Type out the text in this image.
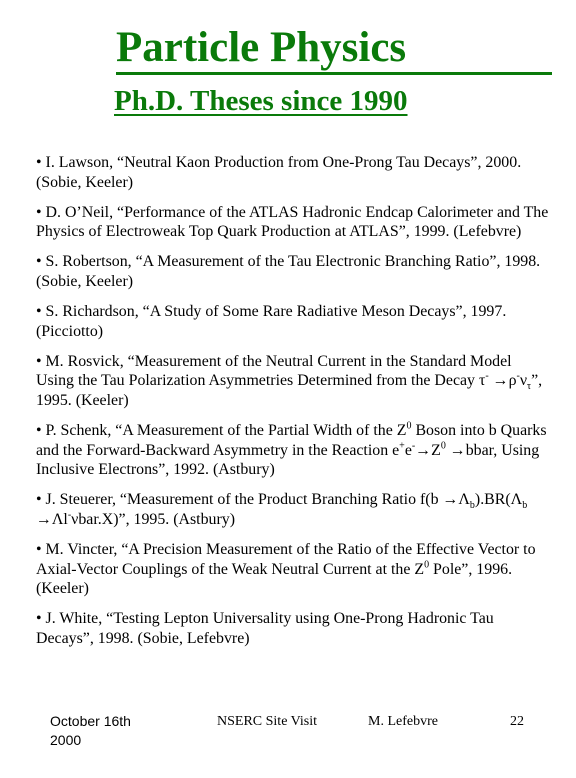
Particle Physics
Ph.D. Theses since 1990

• I. Lawson, “Neutral Kaon Production from One-Prong Tau Decays”, 2000. (Sobie, Keeler)

• D. O’Neil, “Performance of the ATLAS Hadronic Endcap Calorimeter and The Physics of Electroweak Top Quark Production at ATLAS”, 1999. (Lefebvre)

• S. Robertson, “A Measurement of the Tau Electronic Branching Ratio”, 1998. (Sobie, Keeler)

• S. Richardson, “A Study of Some Rare Radiative Meson Decays”, 1997. (Picciotto)

• M. Rosvick, “Measurement of the Neutral Current in the Standard Model Using the Tau Polarization Asymmetries Determined from the Decay $\tau^- \to\rho^-\nu_\tau$”, 1995. (Keeler)

• P. Schenk, “A Measurement of the Partial Width of the $Z^0$ Boson into b Quarks and the Forward-Backward Asymmetry in the Reaction $e^+e^-\to Z^0$ →bbar, Using Inclusive Electrons”, 1992. (Astbury)

• J. Steuerer, “Measurement of the Product Branching Ratio $f(b \to\Lambda_b).BR(\Lambda_b \to\Lambda l^-\nu bar.X)$”, 1995. (Astbury)

• M. Vincter, “A Precision Measurement of the Ratio of the Effective Vector to Axial-Vector Couplings of the Weak Neutral Current at the $Z^0$ Pole”, 1996. (Keeler)

• J. White, “Testing Lepton Universality using One-Prong Hadronic Tau Decays”, 1998. (Sobie, Lefebvre)

October 16th 2000
NSERC Site Visit	M. Lefebvre	22
